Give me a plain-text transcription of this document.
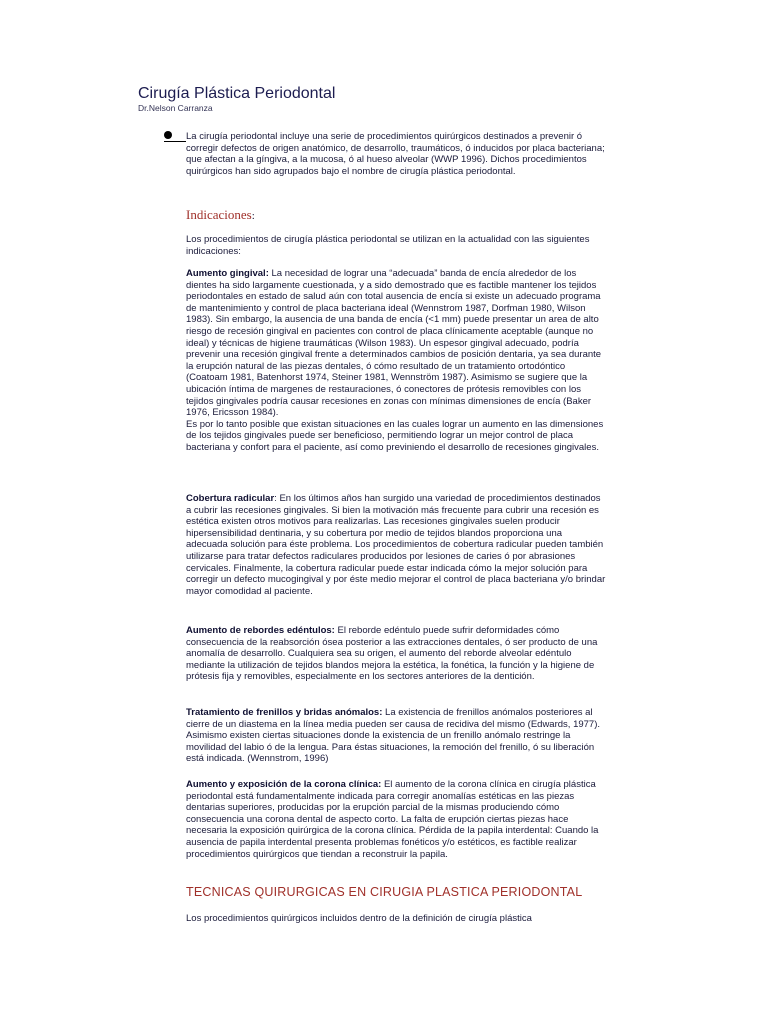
Cirugía Plástica Periodontal
Dr.Nelson Carranza

La cirugía periodontal incluye una serie de procedimientos quirúrgicos destinados a prevenir ó corregir defectos de origen anatómico, de desarrollo, traumáticos, ó inducidos por placa bacteriana; que afectan a la gíngiva, a la mucosa, ó al hueso alveolar (WWP 1996). Dichos procedimientos quirúrgicos han sido agrupados bajo el nombre de cirugía plástica periodontal.

Indicaciones:

Los procedimientos de cirugía plástica periodontal se utilizan en la actualidad con las siguientes indicaciones:

Aumento gingival: La necesidad de lograr una “adecuada” banda de encía alrededor de los dientes ha sido largamente cuestionada, y a sido demostrado que es factible mantener los tejidos periodontales en estado de salud aún con total ausencia de encía si existe un adecuado programa de mantenimiento y control de placa bacteriana ideal (Wennstrom 1987, Dorfman 1980, Wilson 1983). Sin embargo, la ausencia de una banda de encía (<1 mm) puede presentar un area de alto riesgo de recesión gingival en pacientes con control de placa clínicamente aceptable (aunque no ideal) y técnicas de higiene traumáticas (Wilson 1983). Un espesor gingival adecuado, podría prevenir una recesión gingival frente a determinados cambios de posición dentaria, ya sea durante la erupción natural de las piezas dentales, ó cómo resultado de un tratamiento ortodóntico (Coatoam 1981, Batenhorst 1974, Steiner 1981, Wennström 1987). Asimismo se sugiere que la ubicación íntima de margenes de restauraciones, ó conectores de prótesis removibles con los tejidos gingivales podría causar recesiones en zonas con mínimas dimensiones de encía (Baker 1976, Ericsson 1984).

Es por lo tanto posible que existan situaciones en las cuales lograr un aumento en las dimensiones de los tejidos gingivales puede ser beneficioso, permitiendo lograr un mejor control de placa bacteriana y confort para el paciente, así como previniendo el desarrollo de recesiones gingivales.

Cobertura radicular: En los últimos años han surgido una variedad de procedimientos destinados a cubrir las recesiones gingivales. Si bien la motivación más frecuente para cubrir una recesión es estética existen otros motivos para realizarlas. Las recesiones gingivales suelen producir hipersensibilidad dentinaria, y su cobertura por medio de tejidos blandos proporciona una adecuada solución para éste problema. Los procedimientos de cobertura radicular pueden también utilizarse para tratar defectos radiculares producidos por lesiones de caries ó por abrasiones cervicales. Finalmente, la cobertura radicular puede estar indicada cómo la mejor solución para corregir un defecto mucogingival y por éste medio mejorar el control de placa bacteriana y/o brindar mayor comodidad al paciente.

Aumento de rebordes edéntulos: El reborde edéntulo puede sufrir deformidades cómo consecuencia de la reabsorción ósea posterior a las extracciones dentales, ó ser producto de una anomalía de desarrollo. Cualquiera sea su origen, el aumento del reborde alveolar edéntulo mediante la utilización de tejidos blandos mejora la estética, la fonética, la función y la higiene de prótesis fija y removibles, especialmente en los sectores anteriores de la dentición.

Tratamiento de frenillos y bridas anómalos: La existencia de frenillos anómalos posteriores al cierre de un diastema en la línea media pueden ser causa de recidiva del mismo (Edwards, 1977). Asimismo existen ciertas situaciones donde la existencia de un frenillo anómalo restringe la movilidad del labio ó de la lengua. Para éstas situaciones, la remoción del frenillo, ó su liberación está indicada. (Wennstrom, 1996)

Aumento y exposición de la corona clínica: El aumento de la corona clínica en cirugía plástica periodontal está fundamentalmente indicada para corregir anomalías estéticas en las piezas dentarias superiores, producidas por la erupción parcial de la mismas produciendo cómo consecuencia una corona dental de aspecto corto. La falta de erupción ciertas piezas hace necesaria la exposición quirúrgica de la corona clínica. Pérdida de la papila interdental: Cuando la ausencia de papila interdental presenta problemas fonéticos y/o estéticos, es factible realizar procedimientos quirúrgicos que tiendan a reconstruir la papila.

TECNICAS QUIRURGICAS EN CIRUGIA PLASTICA PERIODONTAL

Los procedimientos quirúrgicos incluidos dentro de la definición de cirugía plástica
